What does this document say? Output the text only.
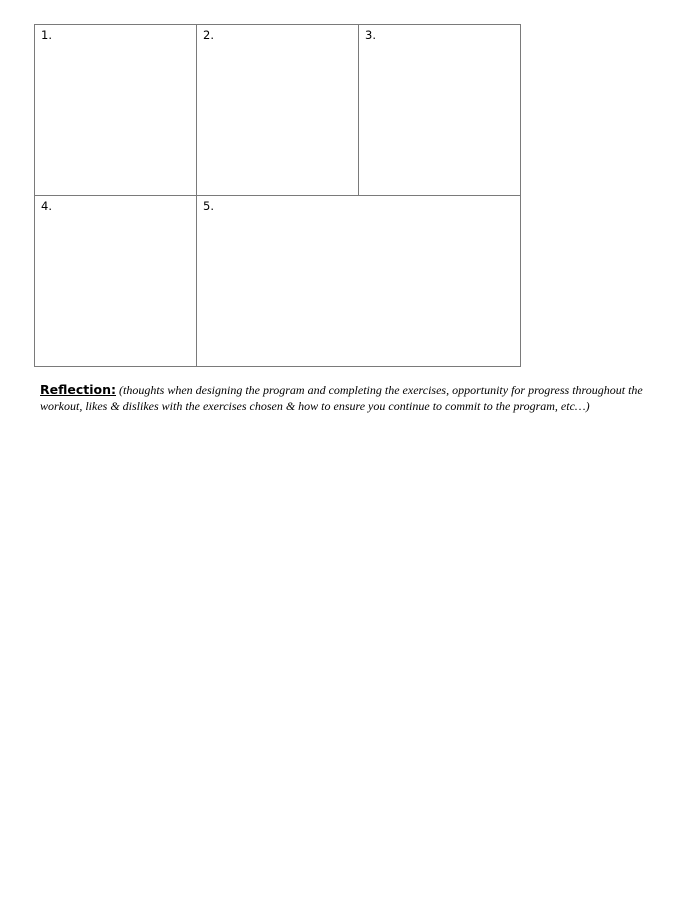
1.	2.	3.
4.	5.	
Reflection: (thoughts when designing the program and completing the exercises, opportunity for progress throughout the workout, likes & dislikes with the exercises chosen & how to ensure you continue to commit to the program, etc…)
